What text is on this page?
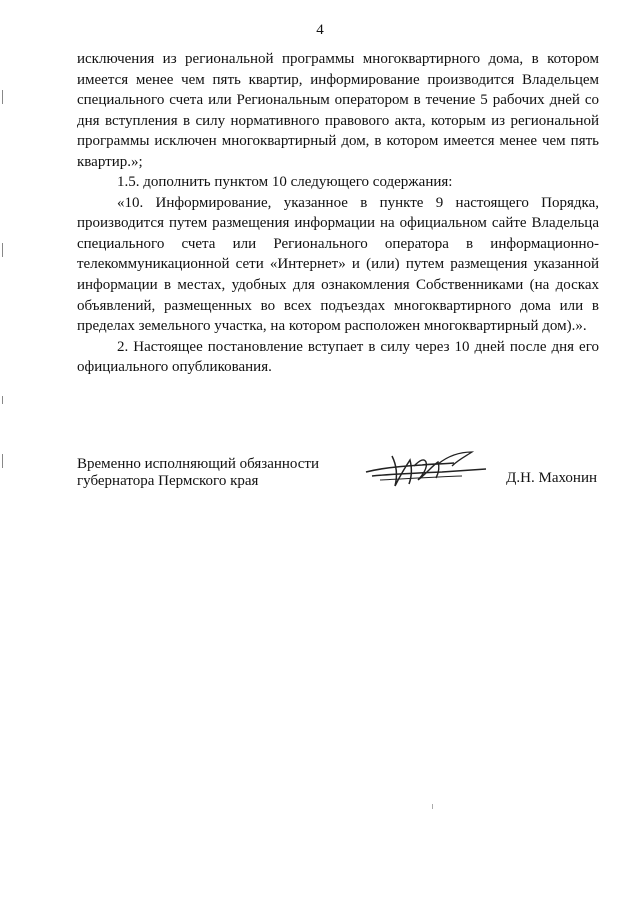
4

исключения из региональной программы многоквартирного дома, в котором имеется менее чем пять квартир, информирование производится Владельцем специального счета или Региональным оператором в течение 5 рабочих дней со дня вступления в силу нормативного правового акта, которым из региональной программы исключен многоквартирный дом, в котором имеется менее чем пять квартир.»;

1.5. дополнить пунктом 10 следующего содержания:

«10. Информирование, указанное в пункте 9 настоящего Порядка, производится путем размещения информации на официальном сайте Владельца специального счета или Регионального оператора в информационно-телекоммуникационной сети «Интернет» и (или) путем размещения указанной информации в местах, удобных для ознакомления Собственниками (на досках объявлений, размещенных во всех подъездах многоквартирного дома или в пределах земельного участка, на котором расположен многоквартирный дом).».

2. Настоящее постановление вступает в силу через 10 дней после дня его официального опубликования.

Временно исполняющий обязанности
губернатора Пермского края	Д.Н. Махонин
